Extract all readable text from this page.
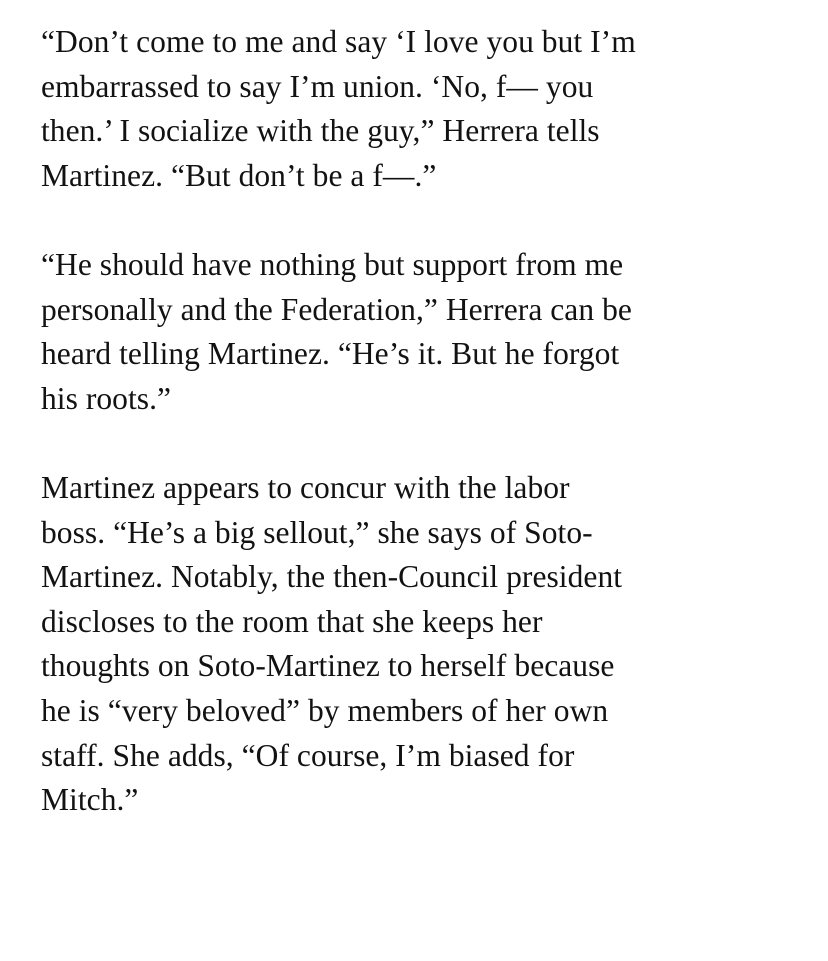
“Don’t come to me and say ‘I love you but I’m
embarrassed to say I’m union. ‘No, f— you
then.’ I socialize with the guy,” Herrera tells
Martinez. “But don’t be a f—.”

“He should have nothing but support from me
personally and the Federation,” Herrera can be
heard telling Martinez. “He’s it. But he forgot
his roots.”

Martinez appears to concur with the labor
boss. “He’s a big sellout,” she says of Soto-
Martinez. Notably, the then-Council president
discloses to the room that she keeps her
thoughts on Soto-Martinez to herself because
he is “very beloved” by members of her own
staff. She adds, “Of course, I’m biased for
Mitch.”
